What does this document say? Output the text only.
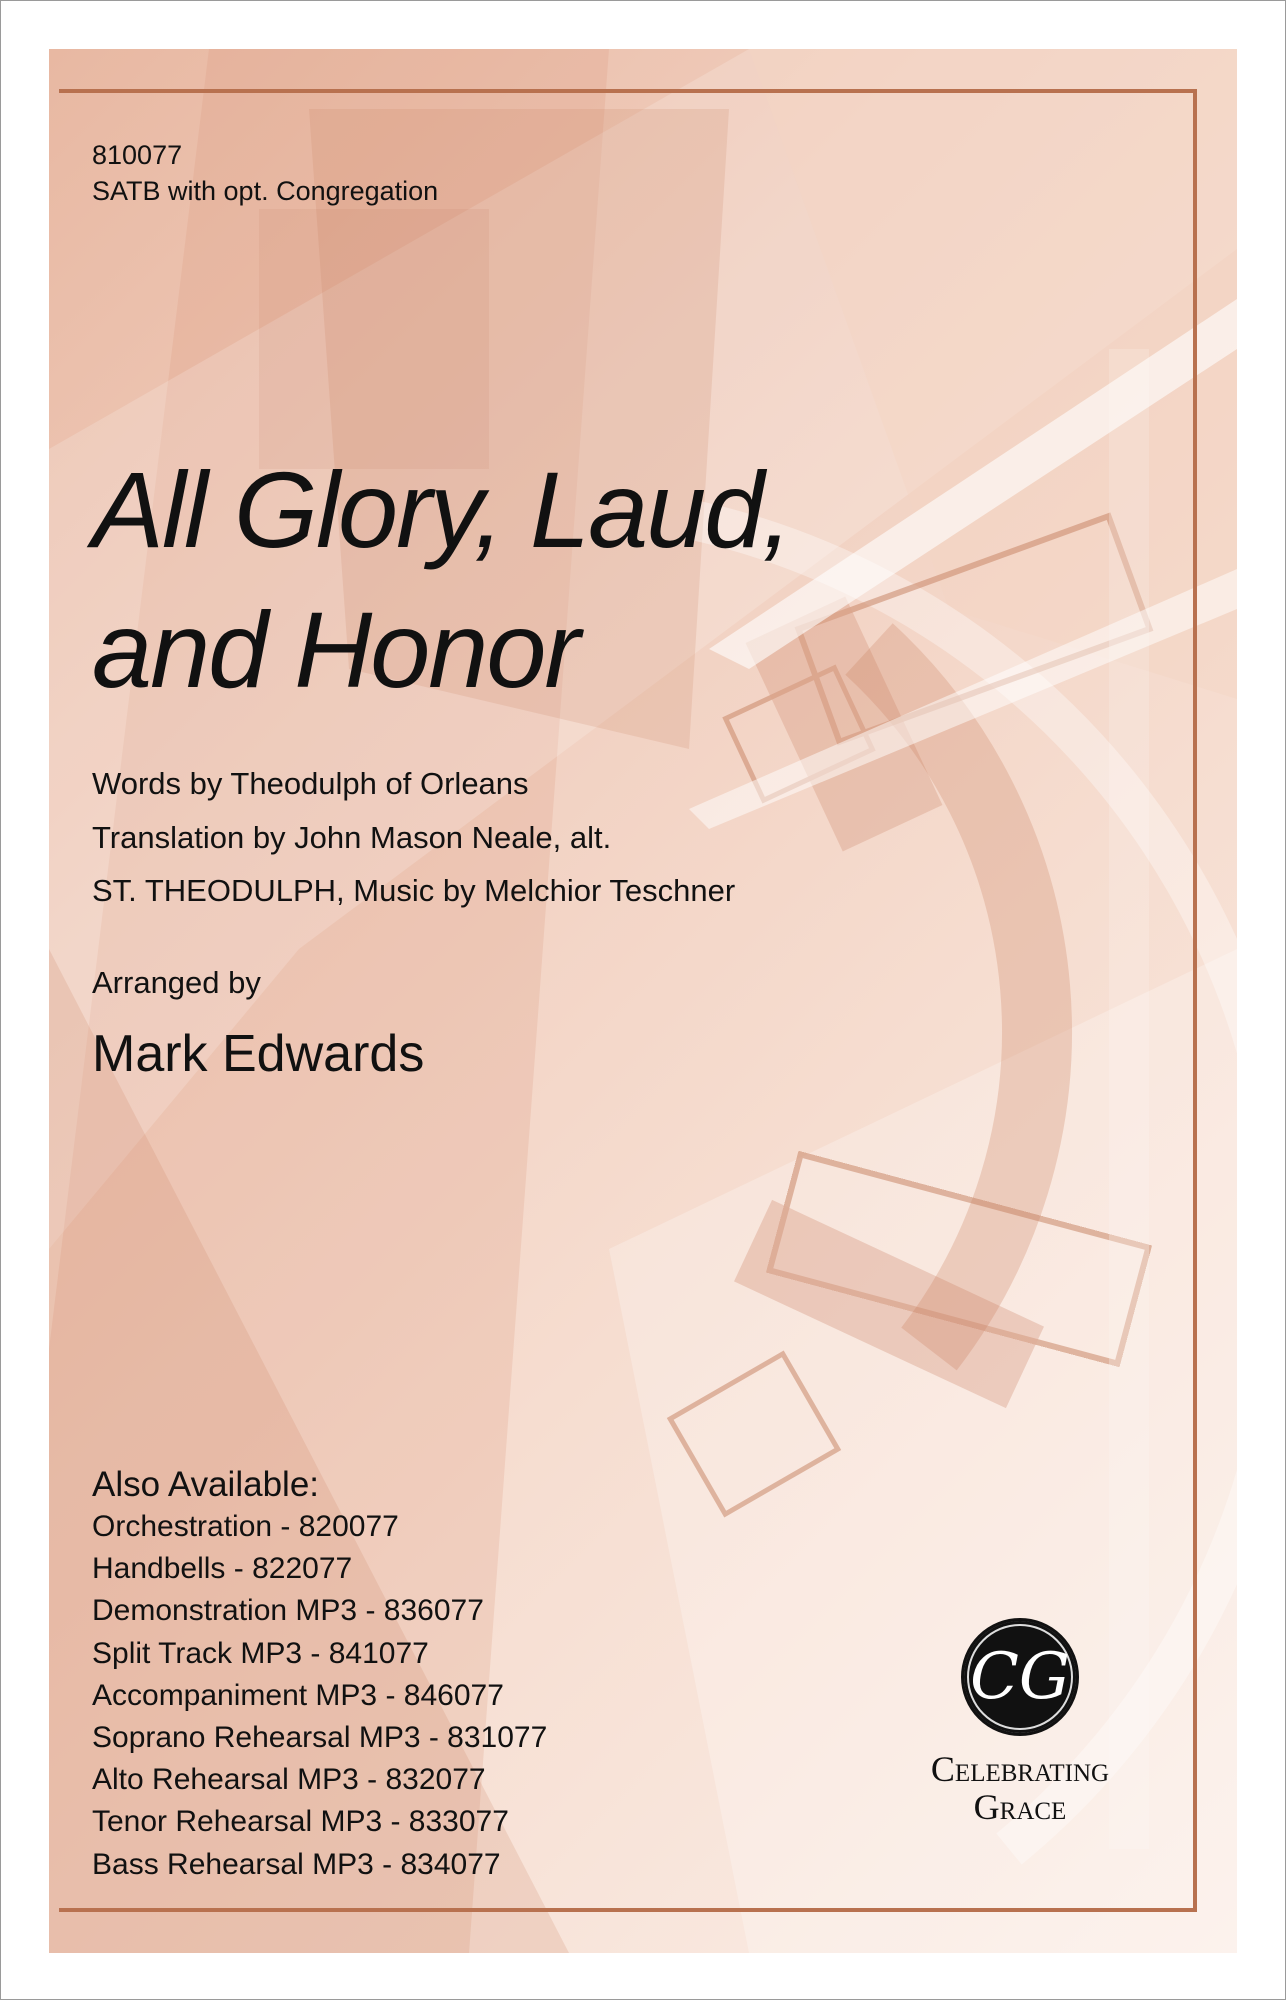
810077
SATB with opt. Congregation
All Glory, Laud,
and Honor
Words by Theodulph of Orleans
Translation by John Mason Neale, alt.
ST. THEODULPH, Music by Melchior Teschner
Arranged by
Mark Edwards
Also Available:
Orchestration - 820077
Handbells - 822077
Demonstration MP3 - 836077
Split Track MP3 - 841077
Accompaniment MP3 - 846077
Soprano Rehearsal MP3 - 831077
Alto Rehearsal MP3 - 832077
Tenor Rehearsal MP3 - 833077
Bass Rehearsal MP3 - 834077
CG
Celebrating
Grace
